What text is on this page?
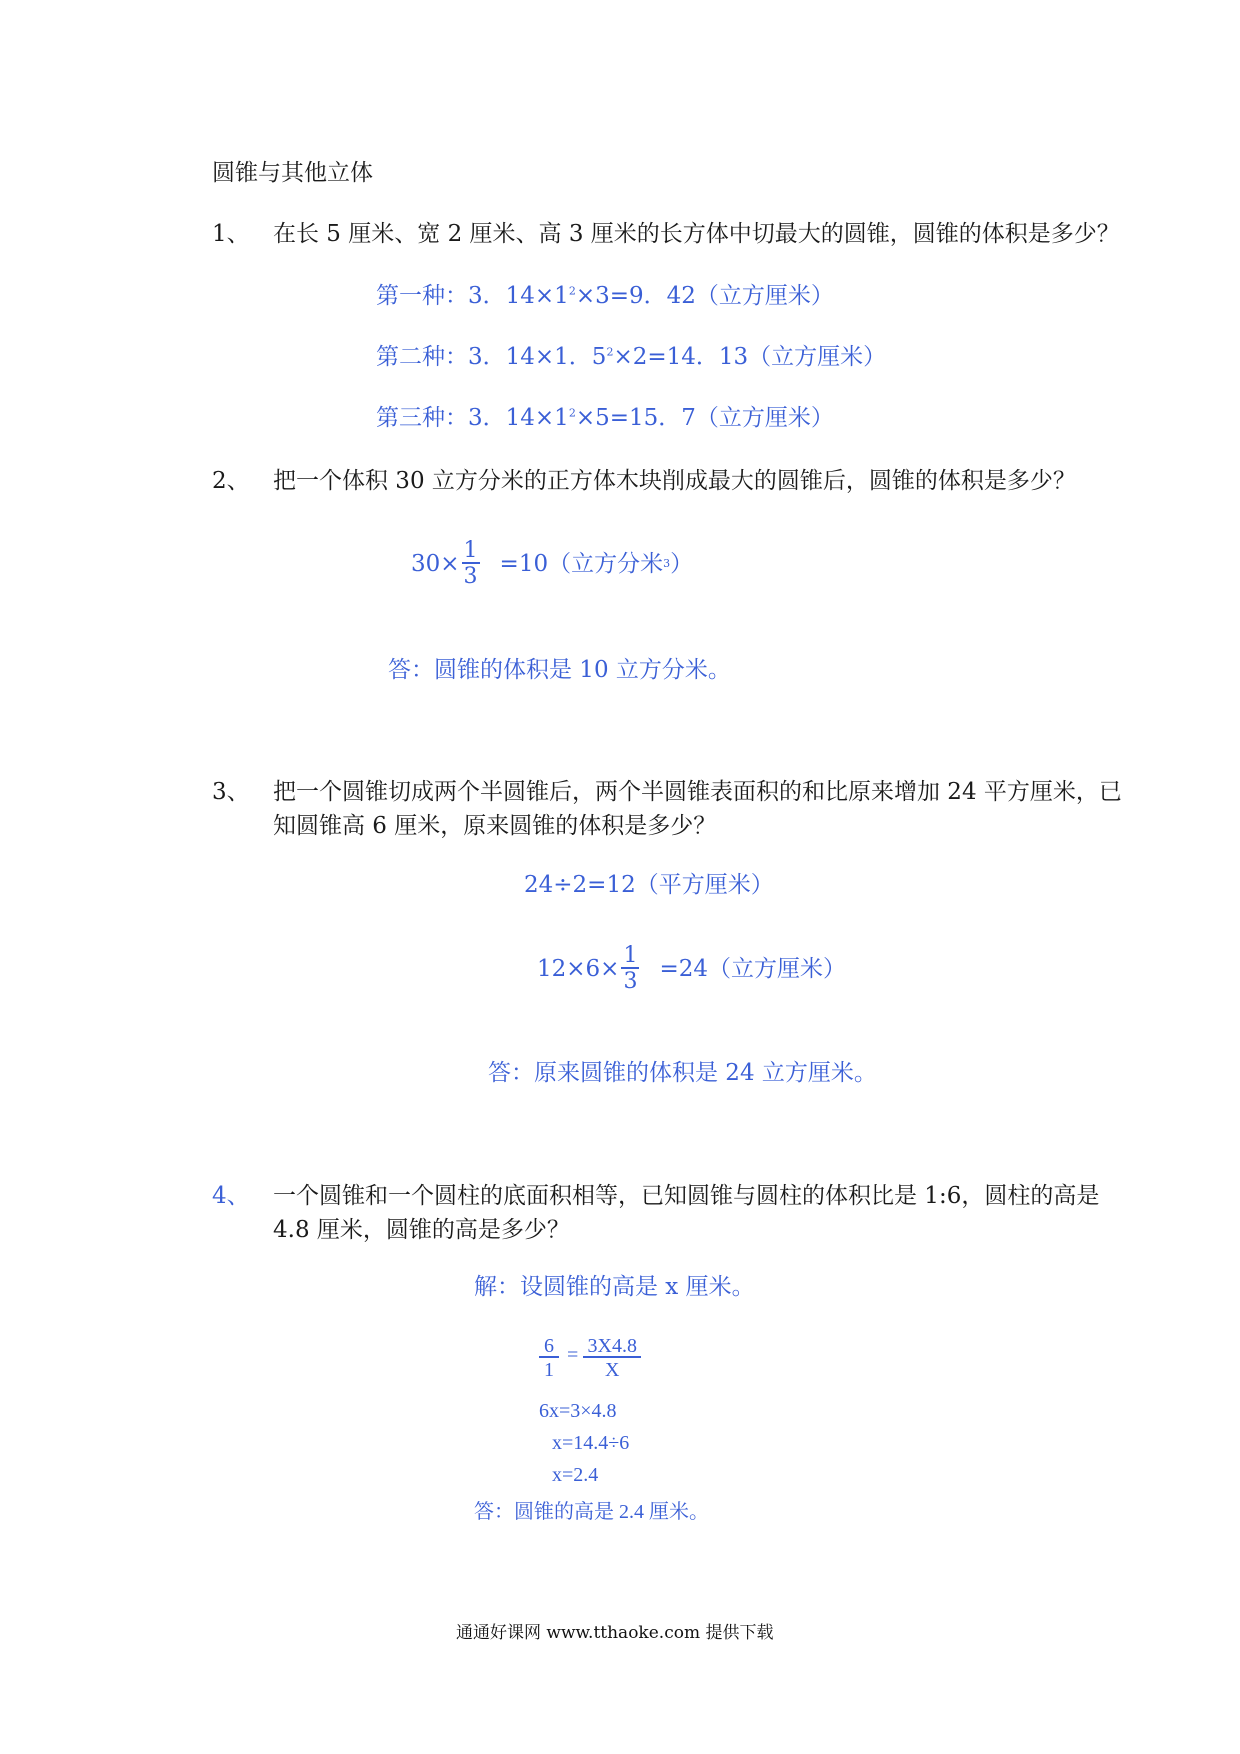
圆锥与其他立体
1、	在长 5 厘米、宽 2 厘米、高 3 厘米的长方体中切最大的圆锥，圆锥的体积是多少？
第一种：3．$14\times 1^2\times 3=9$．42（立方厘米）
第二种：3．14×1．$5^2\times 2=14$．13（立方厘米）
第三种：3．$14\times 1^2\times 5=15$．7（立方厘米）
2、	把一个体积 30 立方分米的正方体木块削成最大的圆锥后，圆锥的体积是多少？
$30\times \frac{1}{3} =10$（立方分米 3 ）
答：圆锥的体积是 10 立方分米。
3、	把一个圆锥切成两个半圆锥后，两个半圆锥表面积的和比原来增加 24 平方厘米，已
知圆锥高 6 厘米，原来圆锥的体积是多少？
24÷2=12（平方厘米）
$12\times 6\times \frac{1}{3} =24$（立方厘米）
答：原来圆锥的体积是 24 立方厘米。
4、	一个圆锥和一个圆柱的底面积相等，已知圆锥与圆柱的体积比是 1:6，圆柱的高是
4.8 厘米，圆锥的高是多少？
解：设圆锥的高是 x 厘米。
$\frac{6}{1} = \frac{3X4.8}{X}$
6x=3×4.8
x=14.4÷6
x=2.4
答：圆锥的高是 2.4 厘米。
通通好课网 www.tthaoke.com 提供下载
